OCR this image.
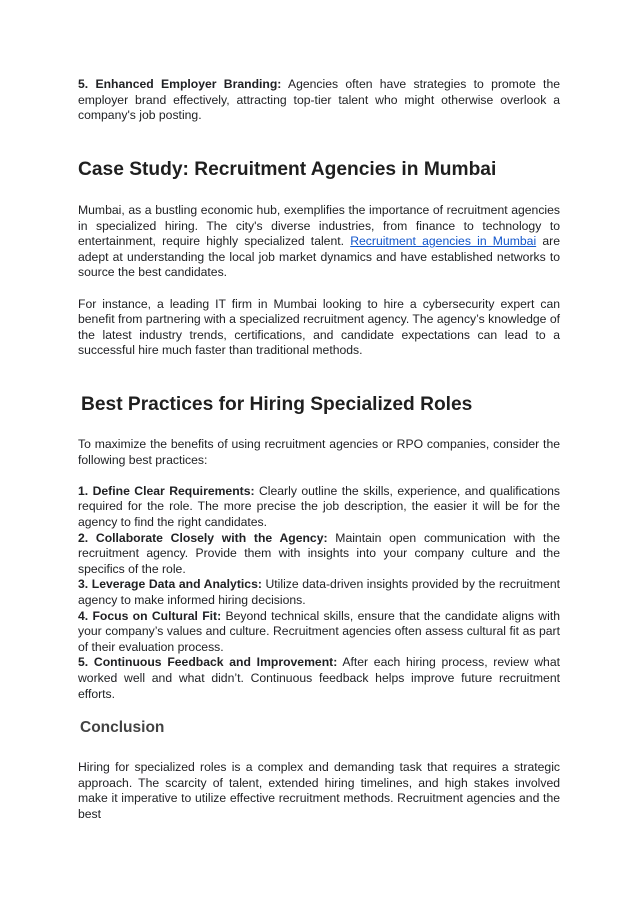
5. Enhanced Employer Branding: Agencies often have strategies to promote the employer brand effectively, attracting top-tier talent who might otherwise overlook a company's job posting.

Case Study: Recruitment Agencies in Mumbai

Mumbai, as a bustling economic hub, exemplifies the importance of recruitment agencies in specialized hiring. The city's diverse industries, from finance to technology to entertainment, require highly specialized talent. Recruitment agencies in Mumbai are adept at understanding the local job market dynamics and have established networks to source the best candidates.

For instance, a leading IT firm in Mumbai looking to hire a cybersecurity expert can benefit from partnering with a specialized recruitment agency. The agency’s knowledge of the latest industry trends, certifications, and candidate expectations can lead to a successful hire much faster than traditional methods.

Best Practices for Hiring Specialized Roles

To maximize the benefits of using recruitment agencies or RPO companies, consider the following best practices:

1. Define Clear Requirements: Clearly outline the skills, experience, and qualifications required for the role. The more precise the job description, the easier it will be for the agency to find the right candidates.

2. Collaborate Closely with the Agency: Maintain open communication with the recruitment agency. Provide them with insights into your company culture and the specifics of the role.

3. Leverage Data and Analytics: Utilize data-driven insights provided by the recruitment agency to make informed hiring decisions.

4. Focus on Cultural Fit: Beyond technical skills, ensure that the candidate aligns with your company’s values and culture. Recruitment agencies often assess cultural fit as part of their evaluation process.

5. Continuous Feedback and Improvement: After each hiring process, review what worked well and what didn’t. Continuous feedback helps improve future recruitment efforts.

Conclusion

Hiring for specialized roles is a complex and demanding task that requires a strategic approach. The scarcity of talent, extended hiring timelines, and high stakes involved make it imperative to utilize effective recruitment methods. Recruitment agencies and the best
